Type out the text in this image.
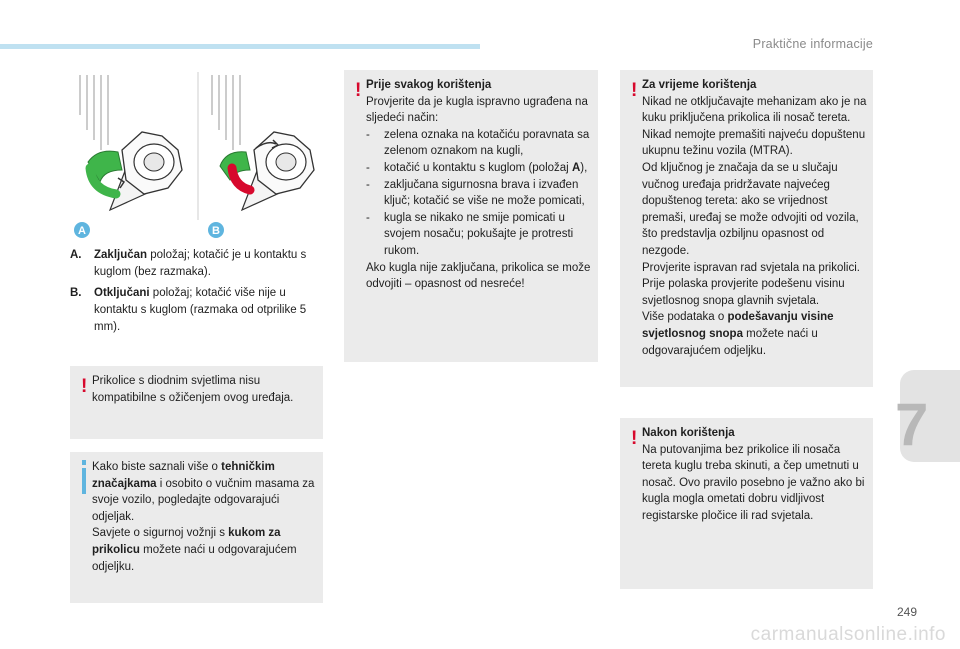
Praktične informacije
7
A	B
A.	Zaključan položaj; kotačić je u kontaktu s kuglom (bez razmaka).
B.	Otključani položaj; kotačić više nije u kontaktu s kuglom (razmaka od otprilike 5 mm).
! Prikolice s diodnim svjetlima nisu kompatibilne s ožičenjem ovog uređaja.
Kako biste saznali više o tehničkim značajkama i osobito o vučnim masama za svoje vozilo, pogledajte odgovarajući odjeljak.
Savjete o sigurnoj vožnji s kukom za prikolicu možete naći u odgovarajućem odjeljku.
! Prije svakog korištenja
Provjerite da je kugla ispravno ugrađena na sljedeći način:
-	zelena oznaka na kotačiću poravnata sa zelenom oznakom na kugli,
-	kotačić u kontaktu s kuglom (položaj A),
-	zaključana sigurnosna brava i izvađen ključ; kotačić se više ne može pomicati,
-	kugla se nikako ne smije pomicati u svojem nosaču; pokušajte je protresti rukom.
Ako kugla nije zaključana, prikolica se može odvojiti – opasnost od nesreće!
! Za vrijeme korištenja
Nikad ne otključavajte mehanizam ako je na kuku priključena prikolica ili nosač tereta.
Nikad nemojte premašiti najveću dopuštenu ukupnu težinu vozila (MTRA).
Od ključnog je značaja da se u slučaju vučnog uređaja pridržavate najvećeg dopuštenog tereta: ako se vrijednost premaši, uređaj se može odvojiti od vozila, što predstavlja ozbiljnu opasnost od nezgode.
Provjerite ispravan rad svjetala na prikolici.
Prije polaska provjerite podešenu visinu svjetlosnog snopa glavnih svjetala.
Više podataka o podešavanju visine svjetlosnog snopa možete naći u odgovarajućem odjeljku.
! Nakon korištenja
Na putovanjima bez prikolice ili nosača tereta kuglu treba skinuti, a čep umetnuti u nosač. Ovo pravilo posebno je važno ako bi kugla mogla ometati dobru vidljivost registarske pločice ili rad svjetala.
249
carmanualsonline.info
